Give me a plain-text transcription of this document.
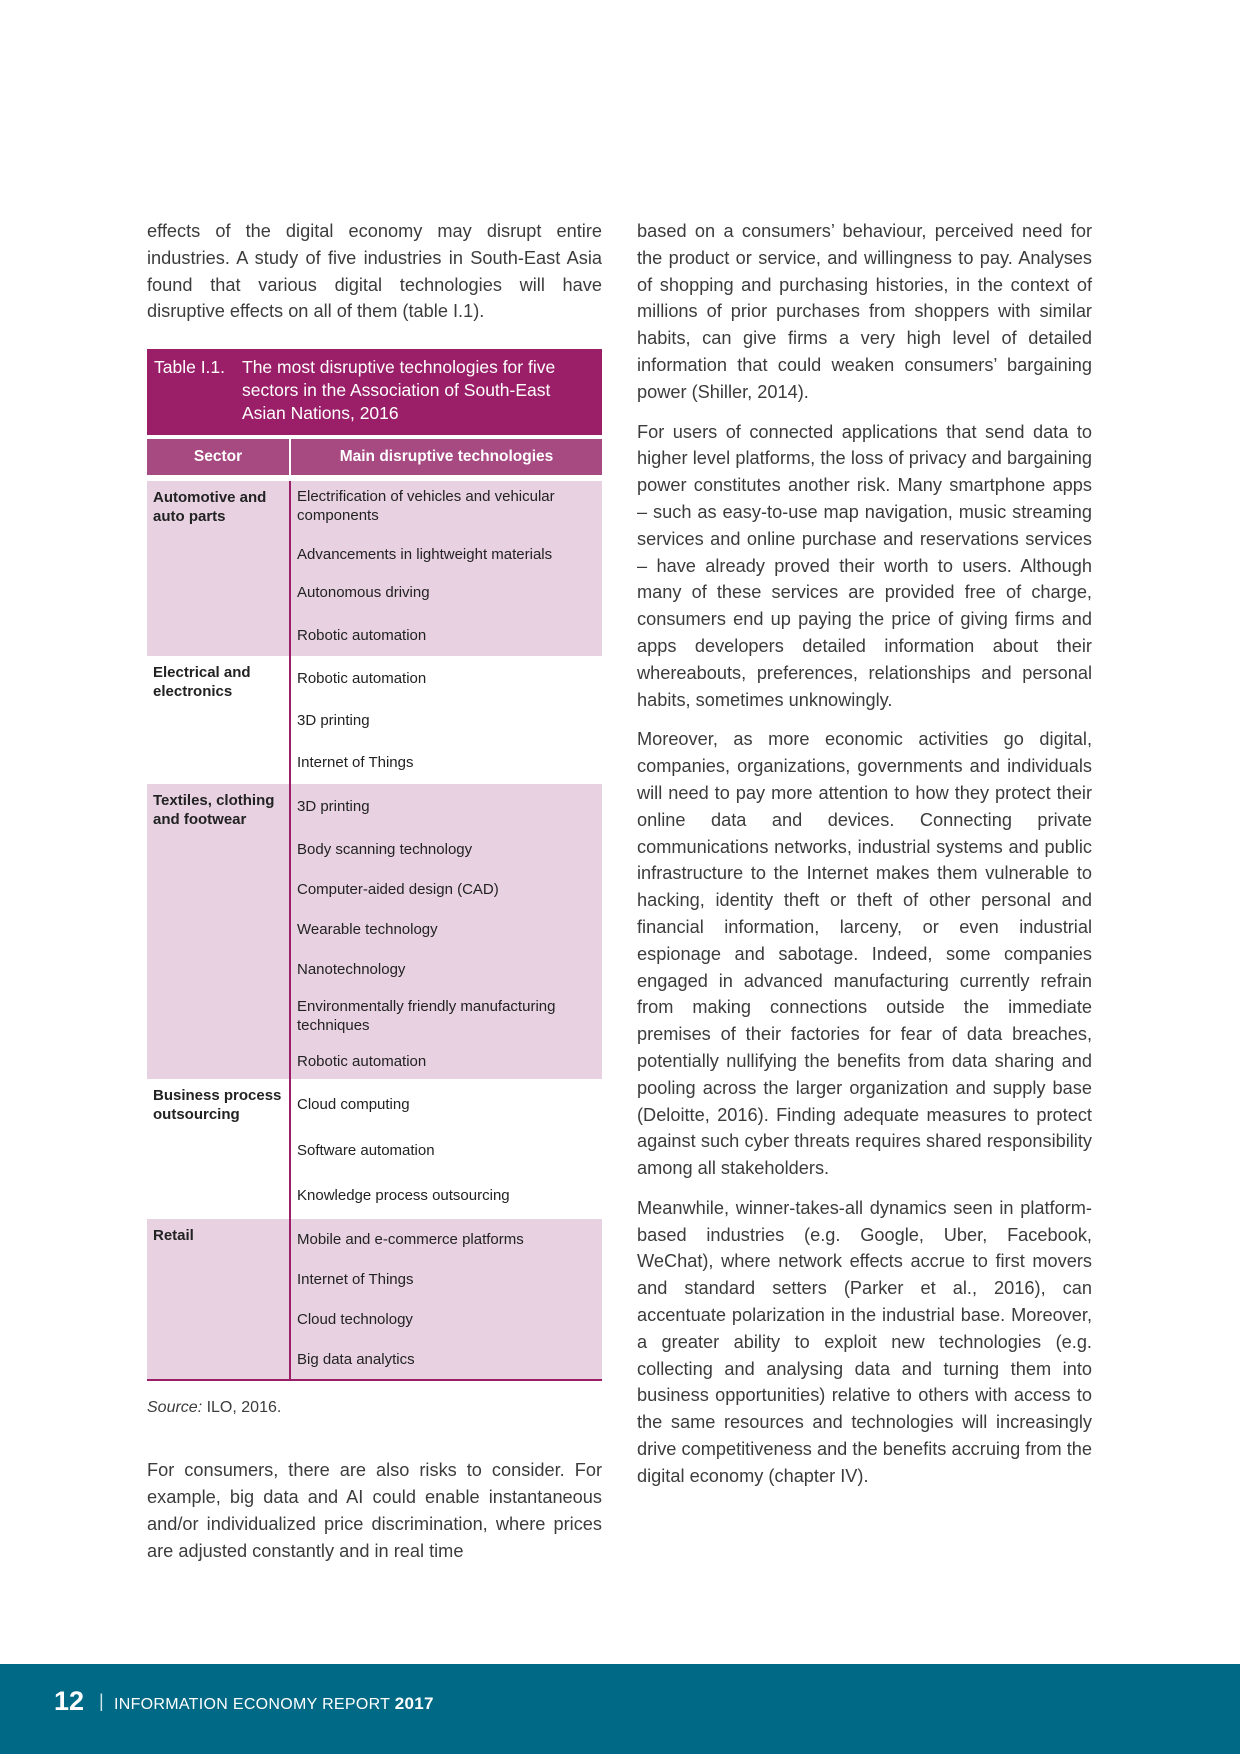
effects of the digital economy may disrupt entire industries. A study of five industries in South-East Asia found that various digital technologies will have disruptive effects on all of them (table I.1).

Table I.1. The most disruptive technologies for five sectors in the Association of South-East Asian Nations, 2016
Sector	Main disruptive technologies
Automotive and auto parts	Electrification of vehicles and vehicular components

Advancements in lightweight materials

Autonomous driving

Robotic automation

Electrical and electronics	Robotic automation

3D printing

Internet of Things

Textiles, clothing and footwear	3D printing

Body scanning technology

Computer-aided design (CAD)

Wearable technology

Nanotechnology

Environmentally friendly manufacturing techniques

Robotic automation

Business process outsourcing	Cloud computing

Software automation

Knowledge process outsourcing

Retail	Mobile and e-commerce platforms

Internet of Things

Cloud technology

Big data analytics
Source: ILO, 2016.

For consumers, there are also risks to consider. For example, big data and AI could enable instantaneous and/or individualized price discrimination, where prices are adjusted constantly and in real time

based on a consumers’ behaviour, perceived need for the product or service, and willingness to pay. Analyses of shopping and purchasing histories, in the context of millions of prior purchases from shoppers with similar habits, can give firms a very high level of detailed information that could weaken consumers’ bargaining power (Shiller, 2014).

For users of connected applications that send data to higher level platforms, the loss of privacy and bargaining power constitutes another risk. Many smartphone apps – such as easy-to-use map navigation, music streaming services and online purchase and reservations services – have already proved their worth to users. Although many of these services are provided free of charge, consumers end up paying the price of giving firms and apps developers detailed information about their whereabouts, preferences, relationships and personal habits, sometimes unknowingly.

Moreover, as more economic activities go digital, companies, organizations, governments and individuals will need to pay more attention to how they protect their online data and devices. Connecting private communications networks, industrial systems and public infrastructure to the Internet makes them vulnerable to hacking, identity theft or theft of other personal and financial information, larceny, or even industrial espionage and sabotage. Indeed, some companies engaged in advanced manufacturing currently refrain from making connections outside the immediate premises of their factories for fear of data breaches, potentially nullifying the benefits from data sharing and pooling across the larger organization and supply base (Deloitte, 2016). Finding adequate measures to protect against such cyber threats requires shared responsibility among all stakeholders.

Meanwhile, winner-takes-all dynamics seen in platform-based industries (e.g. Google, Uber, Facebook, WeChat), where network effects accrue to first movers and standard setters (Parker et al., 2016), can accentuate polarization in the industrial base. Moreover, a greater ability to exploit new technologies (e.g. collecting and analysing data and turning them into business opportunities) relative to others with access to the same resources and technologies will increasingly drive competitiveness and the benefits accruing from the digital economy (chapter IV).

12 | INFORMATION ECONOMY REPORT 2017
